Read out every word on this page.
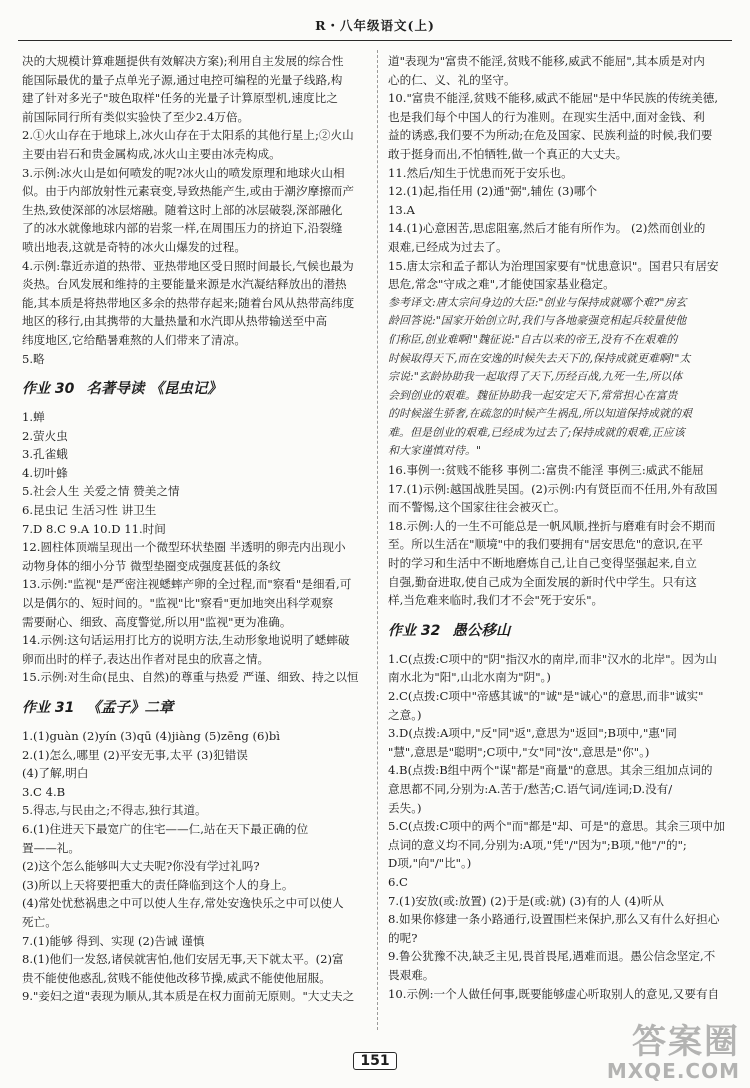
R・八年级语文(上)
决的大规模计算难题提供有效解决方案);利用自主发展的综合性
能国际最优的量子点单光子源,通过电控可编程的光量子线路,构
建了针对多光子"玻色取样"任务的光量子计算原型机,速度比之
前国际同行所有类似实验快了至少2.4万倍。
2.①火山存在于地球上,冰火山存在于太阳系的其他行星上;②火山
主要由岩石和贵金属构成,冰火山主要由冰壳构成。
3.示例:冰火山是如何喷发的呢?冰火山的喷发原理和地球火山相
似。由于内部放射性元素衰变,导致热能产生,或由于潮汐摩擦而产
生热,致使深部的冰层熔融。随着这时上部的冰层破裂,深部融化
了的冰水就像地球内部的岩浆一样,在周围压力的挤迫下,沿裂缝
喷出地表,这就是奇特的冰火山爆发的过程。
4.示例:靠近赤道的热带、亚热带地区受日照时间最长,气候也最为
炎热。台风发展和维持的主要能量来源是水汽凝结释放出的潜热
能,其本质是将热带地区多余的热带存起来;随着台风从热带高纬度
地区的移行,由其携带的大量热量和水汽即从热带输送至中高
纬度地区,它给酷暑难熬的人们带来了清凉。
5.略
作业 30 名著导读 《昆虫记》
1.蝉
2.萤火虫
3.孔雀蛾
4.切叶蜂
5.社会人生 关爱之情 赞美之情
6.昆虫记 生活习性 讲卫生
7.D 8.C 9.A 10.D 11.时间
12.圆柱体顶端呈现出一个微型环状垫圈 半透明的卵壳内出现小
动物身体的细小分节 微型垫圈变成强度甚低的条纹
13.示例:"监视"是严密注视蟋蟀产卵的全过程,而"察看"是细看,可
以是偶尔的、短时间的。"监视"比"察看"更加地突出科学观察
需要耐心、细致、高度警觉,所以用"监视"更为准确。
14.示例:这句话运用打比方的说明方法,生动形象地说明了蟋蟀破
卵而出时的样子,表达出作者对昆虫的欣喜之情。
15.示例:对生命(昆虫、自然)的尊重与热爱 严谨、细致、持之以恒
作业 31 《孟子》二章
1.(1)guàn (2)yín (3)qū (4)jiàng (5)zēng (6)bì
2.(1)怎么,哪里 (2)平安无事,太平 (3)犯错误
(4)了解,明白
3.C 4.B
5.得志,与民由之;不得志,独行其道。
6.(1)住进天下最宽广的住宅——仁,站在天下最正确的位
置——礼。
(2)这个怎么能够叫大丈夫呢?你没有学过礼吗?
(3)所以上天将要把重大的责任降临到这个人的身上。
(4)常处忧愁祸患之中可以使人生存,常处安逸快乐之中可以使人
死亡。
7.(1)能够 得到、实现 (2)告诫 谨慎
8.(1)他们一发怒,诸侯就害怕,他们安居无事,天下就太平。(2)富
贵不能使他惑乱,贫贱不能使他改移节操,威武不能使他屈服。
9."妾妇之道"表现为顺从,其本质是在权力面前无原则。"大丈夫之
道"表现为"富贵不能淫,贫贱不能移,威武不能屈",其本质是对内
心的仁、义、礼的坚守。
10."富贵不能淫,贫贱不能移,威武不能屈"是中华民族的传统美德,
也是我们每个中国人的行为准则。在现实生活中,面对金钱、利
益的诱惑,我们要不为所动;在危及国家、民族利益的时候,我们要
敢于挺身而出,不怕牺牲,做一个真正的大丈夫。
11.然后/知生于忧患而死于安乐也。
12.(1)起,指任用 (2)通"弼",辅佐 (3)哪个
13.A
14.(1)心意困苦,思虑阻塞,然后才能有所作为。 (2)然而创业的
艰难,已经成为过去了。
15.唐太宗和孟子都认为治理国家要有"忧患意识"。国君只有居安
思危,常念"守成之难",才能使国家基业稳定。
参考译文:唐太宗问身边的大臣:"创业与保持成就哪个难?"房玄
龄回答说:"国家开始创立时,我们与各地豪强竞相起兵较量使他
们称臣,创业难啊!"魏征说:"自古以来的帝王,没有不在艰难的
时候取得天下,而在安逸的时候失去天下的,保持成就更难啊!"太
宗说:"玄龄协助我一起取得了天下,历经百战,九死一生,所以体
会到创业的艰难。魏征协助我一起安定天下,常常担心在富贵
的时候滋生骄奢,在疏忽的时候产生祸乱,所以知道保持成就的艰
难。但是创业的艰难,已经成为过去了;保持成就的艰难,正应该
和大家谨慎对待。"
16.事例一:贫贱不能移 事例二:富贵不能淫 事例三:威武不能屈
17.(1)示例:越国战胜吴国。(2)示例:内有贤臣而不任用,外有敌国
而不警惕,这个国家往往会被灭亡。
18.示例:人的一生不可能总是一帆风顺,挫折与磨难有时会不期而
至。所以生活在"顺境"中的我们要拥有"居安思危"的意识,在平
时的学习和生活中不断地磨炼自己,让自己变得坚强起来,自立
自强,勤奋进取,使自己成为全面发展的新时代中学生。只有这
样,当危难来临时,我们才不会"死于安乐"。
作业 32 愚公移山
1.C(点拨:C项中的"阴"指汉水的南岸,而非"汉水的北岸"。因为山
南水北为"阳",山北水南为"阴"。)
2.C(点拨:C项中"帝感其诚"的"诚"是"诚心"的意思,而非"诚实"
之意。)
3.D(点拨:A项中,"反"同"返",意思为"返回";B项中,"惠"同
"慧",意思是"聪明";C项中,"女"同"汝",意思是"你"。)
4.B(点拨:B组中两个"谋"都是"商量"的意思。其余三组加点词的
意思都不同,分别为:A.苦于/愁苦;C.语气词/连词;D.没有/
丢失。)
5.C(点拨:C项中的两个"而"都是"却、可是"的意思。其余三项中加
点词的意义均不同,分别为:A项,"凭"/"因为";B项,"他"/"的";
D项,"向"/"比"。)
6.C
7.(1)安放(或:放置) (2)于是(或:就) (3)有的人 (4)听从
8.如果你修建一条小路通行,设置围栏来保护,那么又有什么好担心
的呢?
9.鲁公犹豫不决,缺乏主见,畏首畏尾,遇难而退。愚公信念坚定,不
畏艰难。
10.示例:一个人做任何事,既要能够虚心听取别人的意见,又要有自
151	答案圈
MXQE.COM
